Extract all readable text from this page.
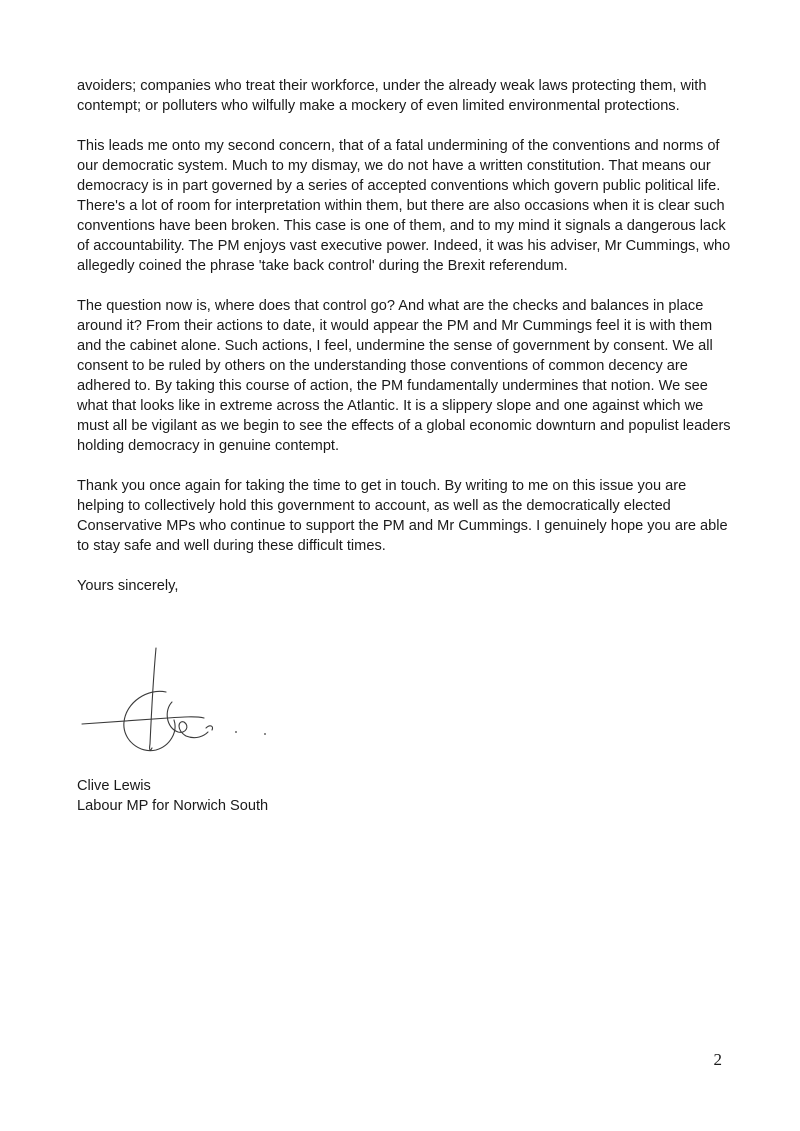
avoiders; companies who treat their workforce, under the already weak laws protecting them, with contempt; or polluters who wilfully make a mockery of even limited environmental protections.

This leads me onto my second concern, that of a fatal undermining of the conventions and norms of our democratic system. Much to my dismay, we do not have a written constitution. That means our democracy is in part governed by a series of accepted conventions which govern public political life. There's a lot of room for interpretation within them, but there are also occasions when it is clear such conventions have been broken. This case is one of them, and to my mind it signals a dangerous lack of accountability. The PM enjoys vast executive power. Indeed, it was his adviser, Mr Cummings, who allegedly coined the phrase 'take back control' during the Brexit referendum.

The question now is, where does that control go? And what are the checks and balances in place around it? From their actions to date, it would appear the PM and Mr Cummings feel it is with them and the cabinet alone. Such actions, I feel, undermine the sense of government by consent. We all consent to be ruled by others on the understanding those conventions of common decency are adhered to. By taking this course of action, the PM fundamentally undermines that notion. We see what that looks like in extreme across the Atlantic. It is a slippery slope and one against which we must all be vigilant as we begin to see the effects of a global economic downturn and populist leaders holding democracy in genuine contempt.

Thank you once again for taking the time to get in touch. By writing to me on this issue you are helping to collectively hold this government to account, as well as the democratically elected Conservative MPs who continue to support the PM and Mr Cummings. I genuinely hope you are able to stay safe and well during these difficult times.

Yours sincerely,

Clive Lewis
Labour MP for Norwich South
2
